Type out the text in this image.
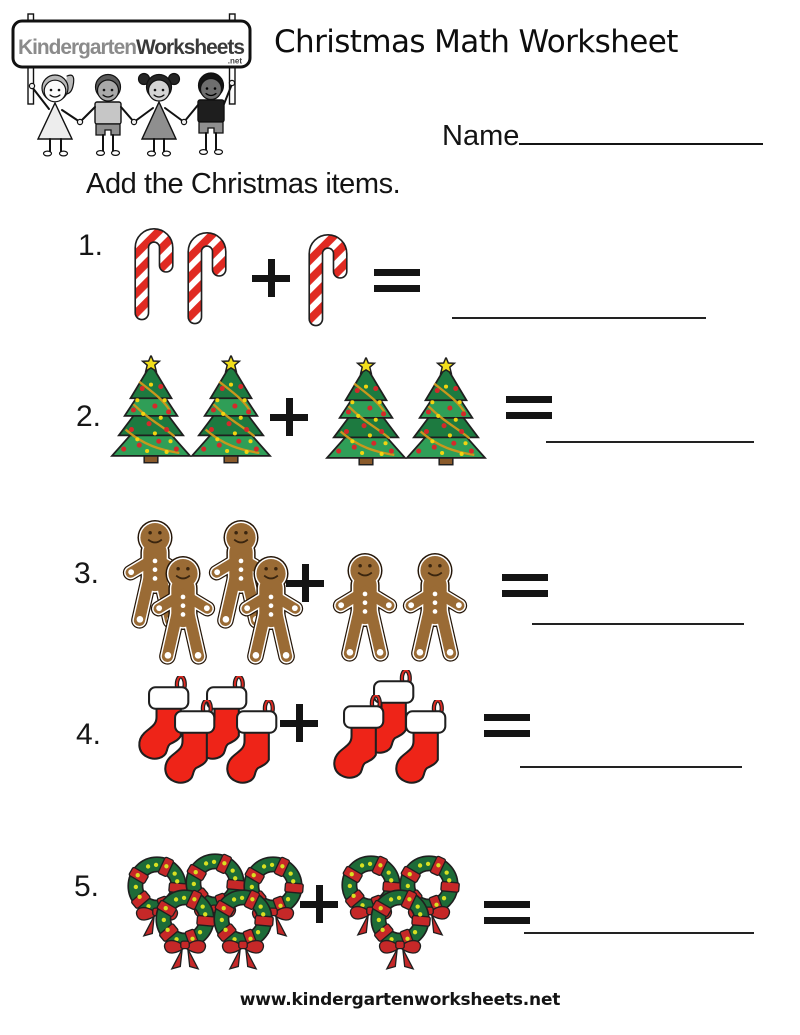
KindergartenWorksheets
.net
Christmas Math Worksheet
Name
Add the Christmas items.
1.
2.
3.
4.
5.
www.kindergartenworksheets.net
